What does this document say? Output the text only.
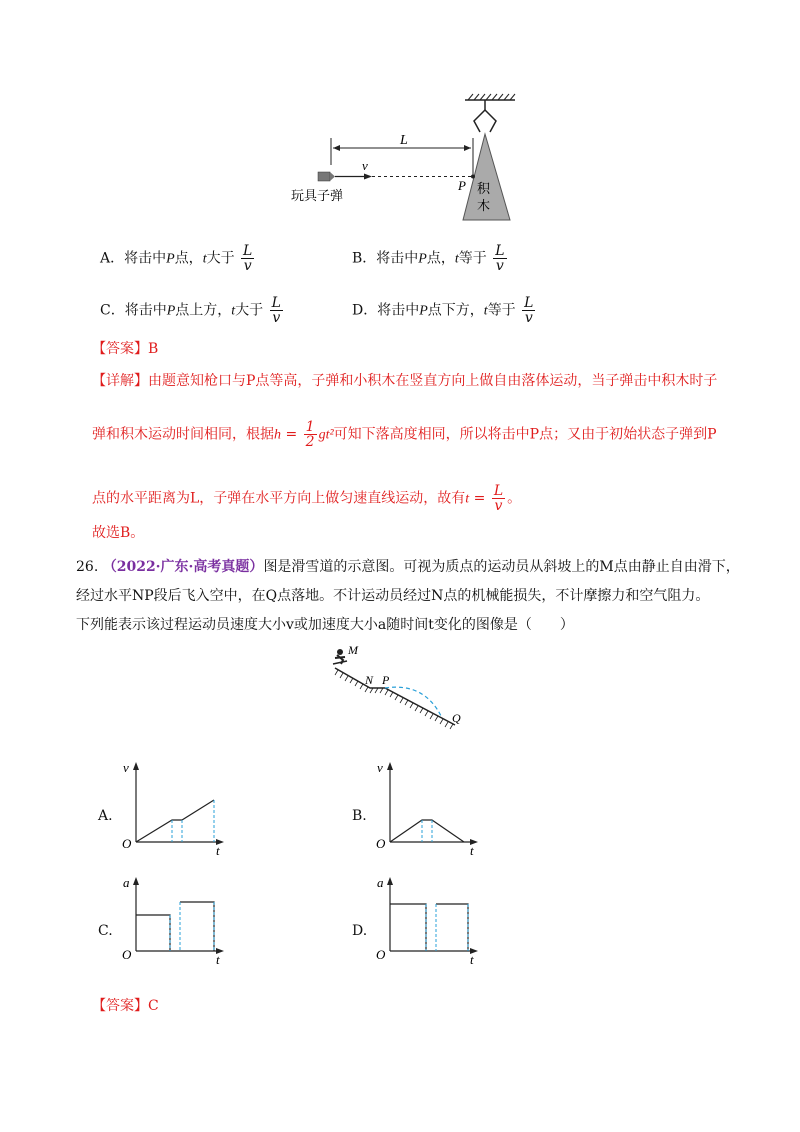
L
v
P 积
木
玩具子弹
A．将击中P点，t大于 $\frac{L}{v}$	B．将击中P点，t等于 $\frac{L}{v}$
C．将击中P点上方，t大于 $\frac{L}{v}$	D．将击中P点下方，t等于 $\frac{L}{v}$
【答案】B
【详解】由题意知枪口与P点等高，子弹和小积木在竖直方向上做自由落体运动，当子弹击中积木时子
弹和积木运动时间相同，根据$h = \frac{1}{2} gt^2$可知下落高度相同，所以将击中P点；又由于初始状态子弹到P
点的水平距离为L，子弹在水平方向上做匀速直线运动，故有$t = \frac{L}{v}$ 。
故选B。
26. （2022·广东·高考真题）图是滑雪道的示意图。可视为质点的运动员从斜坡上的M点由静止自由滑下，
经过水平NP段后飞入空中，在Q点落地。不计运动员经过N点的机械能损失，不计摩擦力和空气阻力。
下列能表示该过程运动员速度大小v或加速度大小a随时间t变化的图像是（　　）
M
N P
Q
A.
v
t
O
B.
v
t
O
C.
a
t
O
D.
a
t
O
【答案】C
